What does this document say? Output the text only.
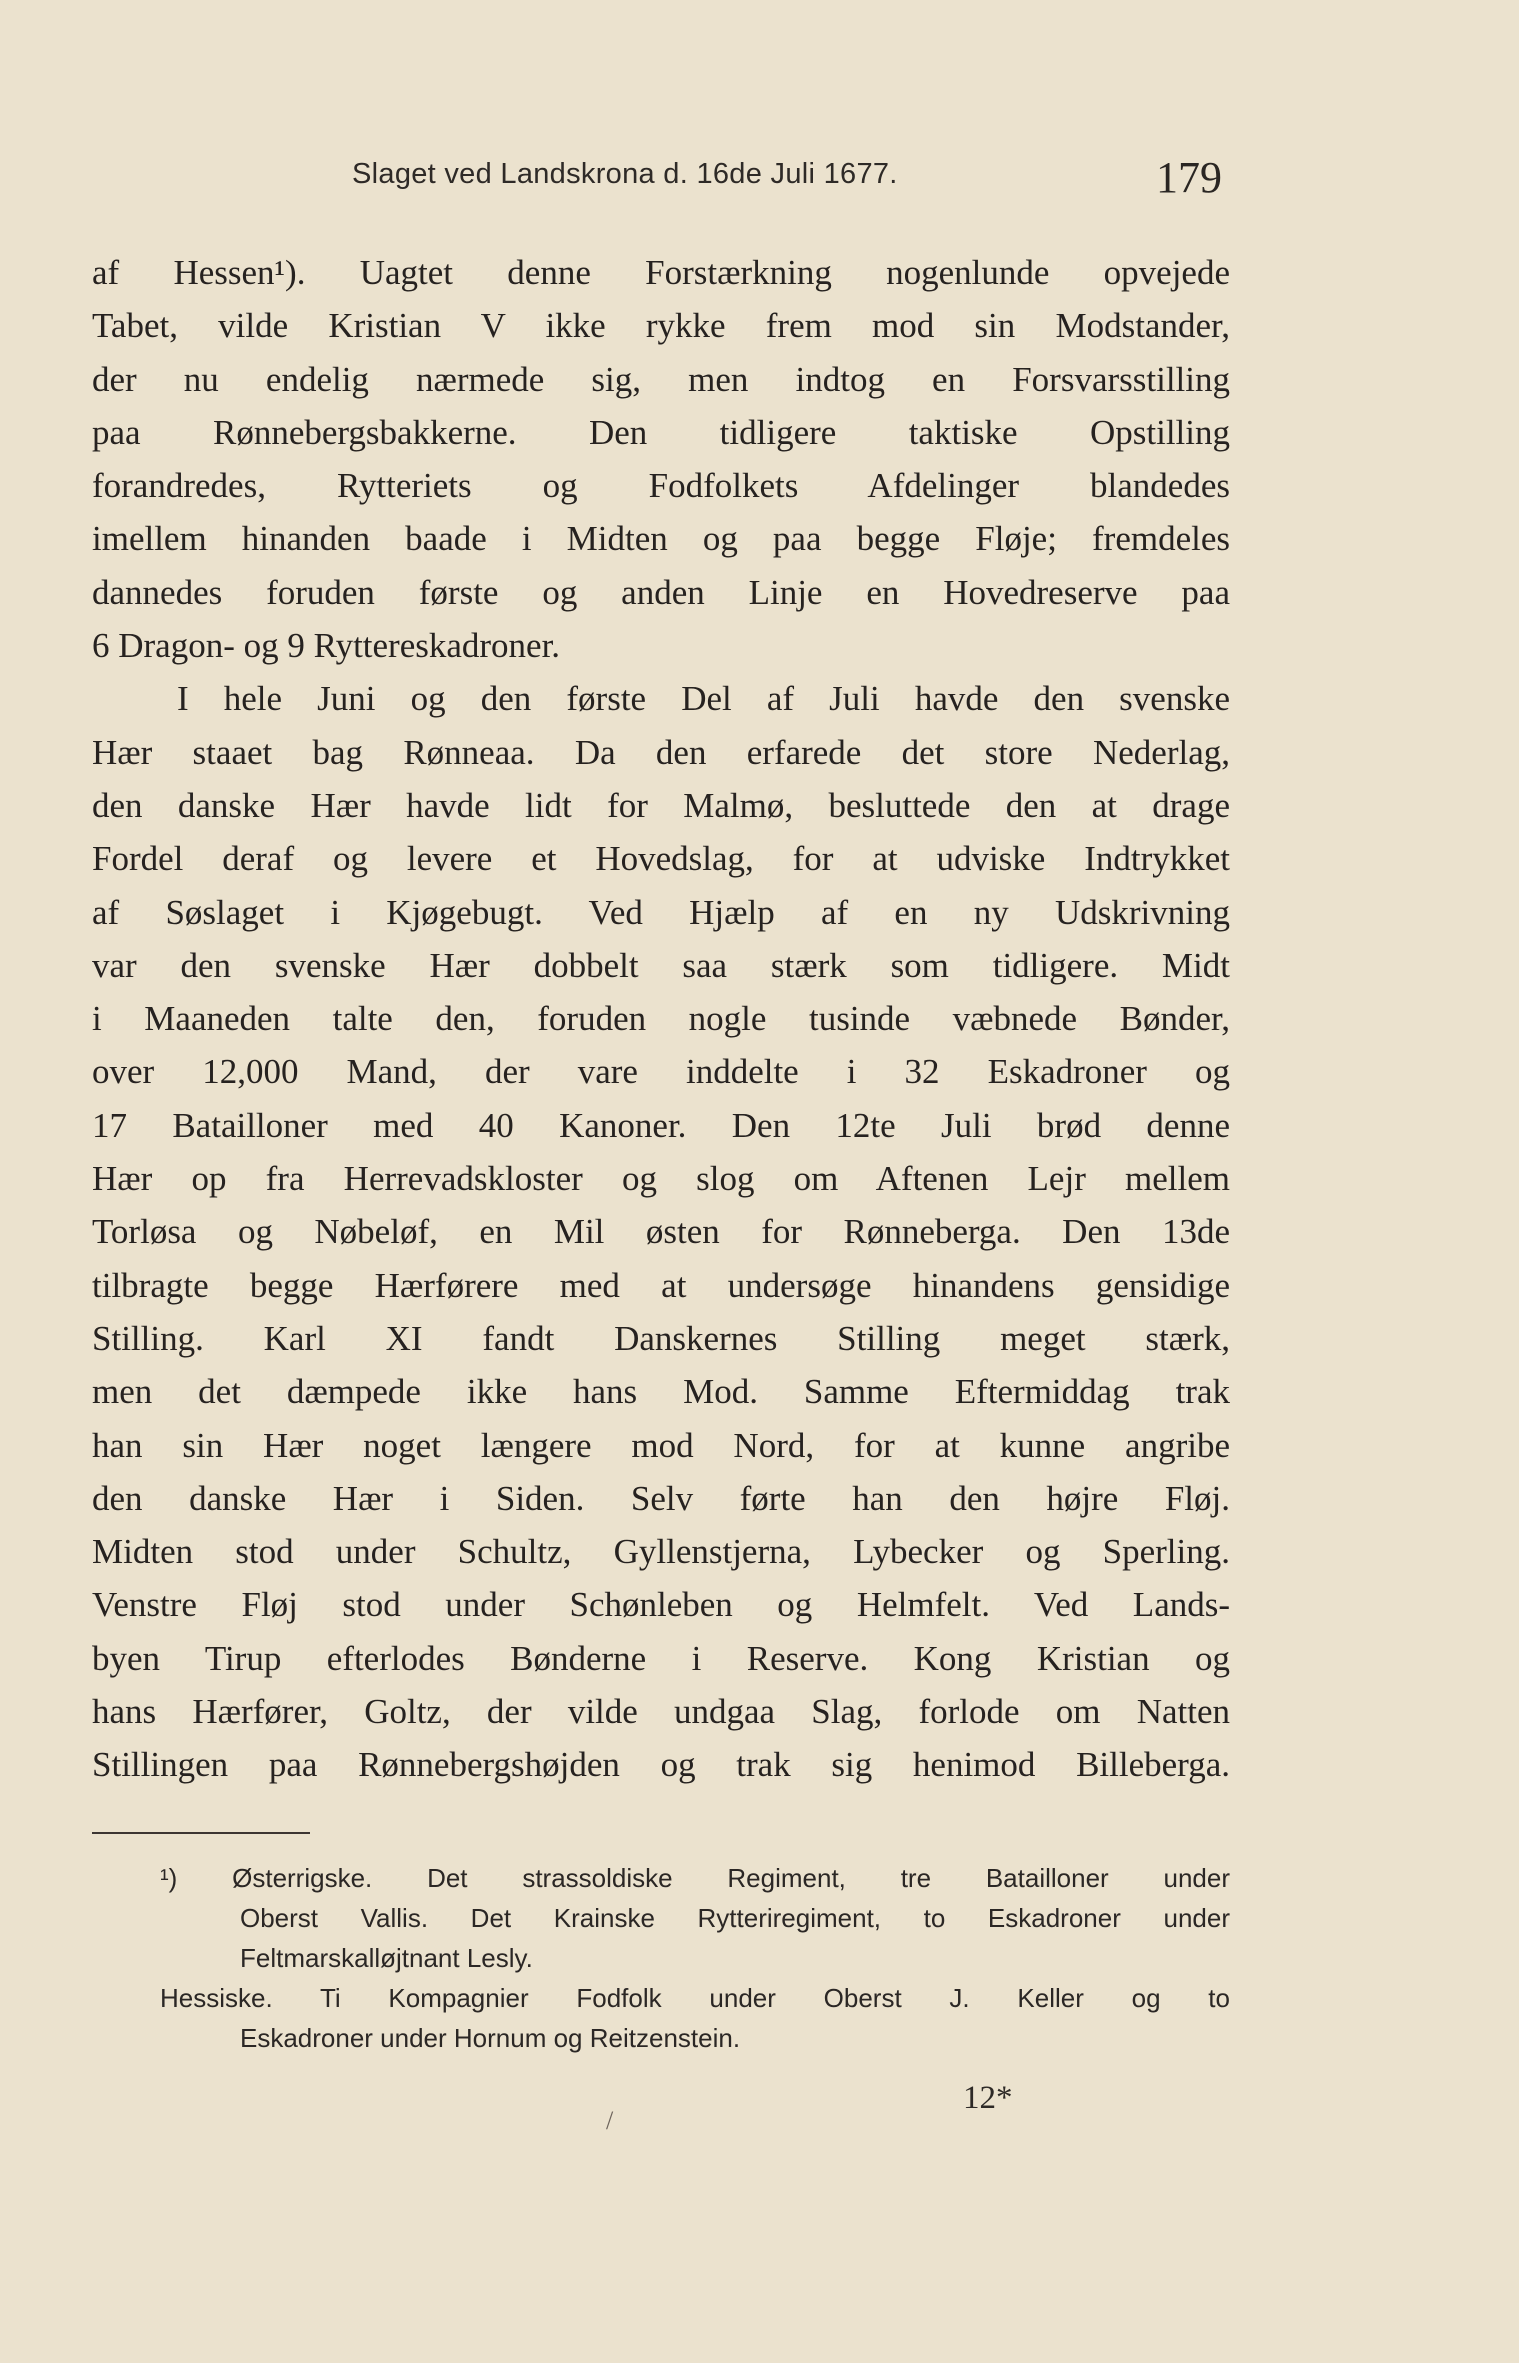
Slaget ved Landskrona d. 16de Juli 1677.	179
af Hessen¹). Uagtet denne Forstærkning nogenlunde opvejede
Tabet, vilde Kristian V ikke rykke frem mod sin Modstander,
der nu endelig nærmede sig, men indtog en Forsvarsstilling
paa Rønnebergsbakkerne. Den tidligere taktiske Opstilling
forandredes, Rytteriets og Fodfolkets Afdelinger blandedes
imellem hinanden baade i Midten og paa begge Fløje; fremdeles
dannedes foruden første og anden Linje en Hovedreserve paa
6 Dragon- og 9 Rytterеskadroner.
I hele Juni og den første Del af Juli havde den svenske
Hær staaet bag Rønneaa. Da den erfarede det store Nederlag,
den danske Hær havde lidt for Malmø, besluttede den at drage
Fordel deraf og levere et Hovedslag, for at udviske Indtrykket
af Søslaget i Kjøgebugt. Ved Hjælp af en ny Udskrivning
var den svenske Hær dobbelt saa stærk som tidligere. Midt
i Maaneden talte den, foruden nogle tusinde væbnede Bønder,
over 12,000 Mand, der vare inddelte i 32 Eskadroner og
17 Batailloner med 40 Kanoner. Den 12te Juli brød denne
Hær op fra Herrevadskloster og slog om Aftenen Lejr mellem
Torløsa og Nøbeløf, en Mil østen for Rønneberga. Den 13de
tilbragte begge Hærførere med at undersøge hinandens gensidige
Stilling. Karl XI fandt Danskernes Stilling meget stærk,
men det dæmpede ikke hans Mod. Samme Eftermiddag trak
han sin Hær noget længere mod Nord, for at kunne angribe
den danske Hær i Siden. Selv førte han den højre Fløj.
Midten stod under Schultz, Gyllenstjerna, Lybecker og Sperling.
Venstre Fløj stod under Schønleben og Helmfelt. Ved Lands-
byen Tirup efterlodes Bønderne i Reserve. Kong Kristian og
hans Hærfører, Goltz, der vilde undgaa Slag, forlode om Natten
Stillingen paa Rønnebergshøjden og trak sig henimod Billeberga.
¹) Østerrigske. Det strassoldiske Regiment, tre Batailloner under
Oberst Vallis. Det Krainske Rytteriregiment, to Eskadroner under
Feltmarskalløjtnant Lesly.
Hessiske. Ti Kompagnier Fodfolk under Oberst J. Keller og to
Eskadroner under Hornum og Reitzenstein.
12*
/
